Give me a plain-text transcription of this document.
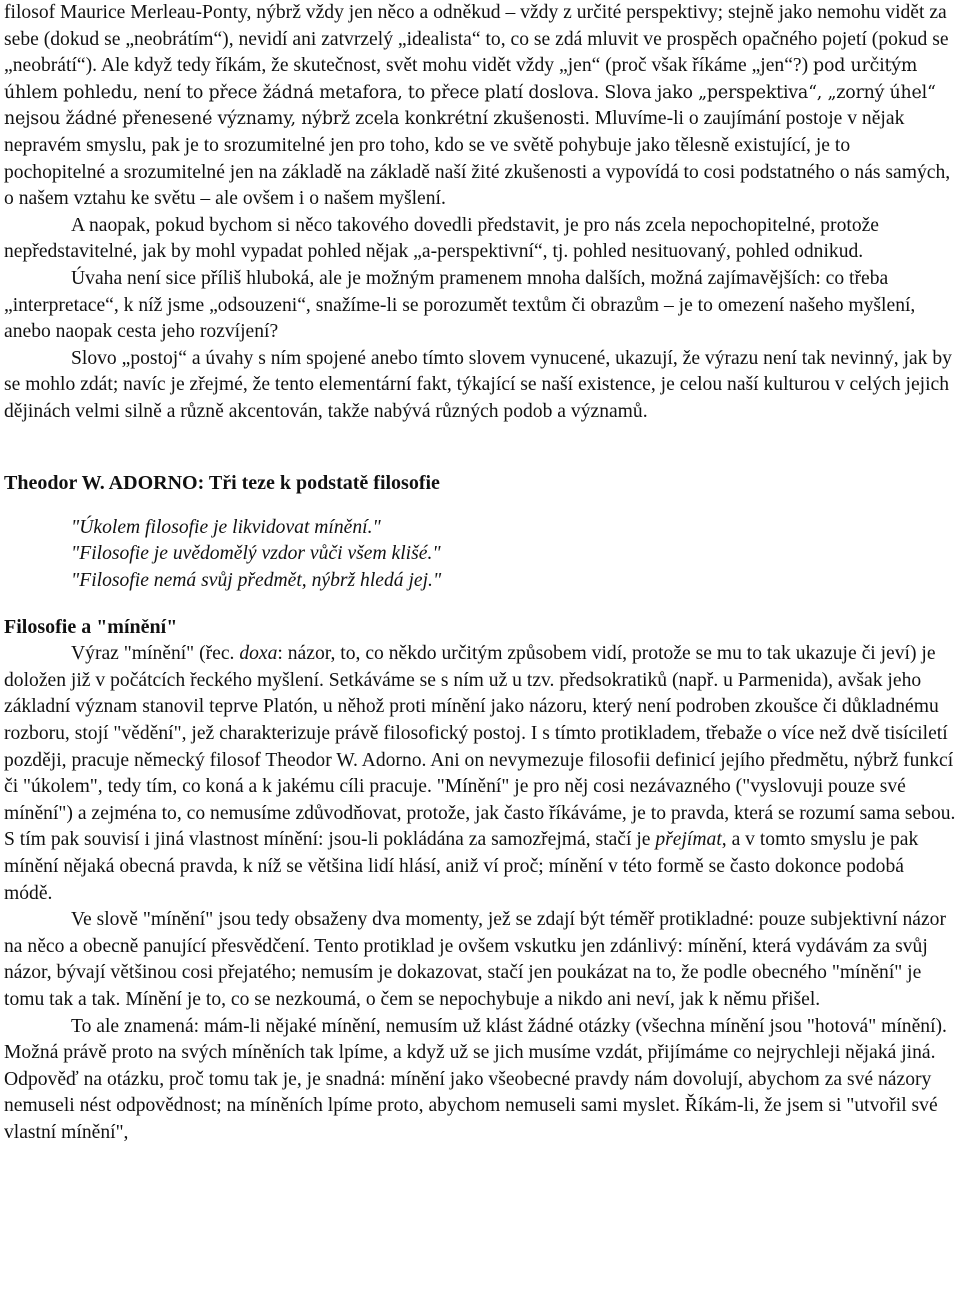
filosof Maurice Merleau-Ponty, nýbrž vždy jen něco a odněkud – vždy z určité perspektivy; stejně jako nemohu vidět za sebe (dokud se „neobrátím“), nevidí ani zatvrzelý „idealista“ to, co se zdá mluvit ve prospěch opačného pojetí (pokud se „neobrátí“). Ale když tedy říkám, že skutečnost, svět mohu vidět vždy „jen“ (proč však říkáme „jen“?) pod určitým úhlem pohledu, není to přece žádná metafora, to přece platí doslova. Slova jako „perspektiva“, „zorný úhel“ nejsou žádné přenesené významy, nýbrž zcela konkrétní zkušenosti. Mluvíme-li o zaujímání postoje v nějak nepravém smyslu, pak je to srozumitelné jen pro toho, kdo se ve světě pohybuje jako tělesně existující, je to pochopitelné a srozumitelné jen na základě na základě naší žité zkušenosti a vypovídá to cosi podstatného o nás samých, o našem vztahu ke světu – ale ovšem i o našem myšlení.

A naopak, pokud bychom si něco takového dovedli představit, je pro nás zcela nepochopitelné, protože nepředstavitelné, jak by mohl vypadat pohled nějak „a-perspektivní“, tj. pohled nesituovaný, pohled odnikud.

Úvaha není sice příliš hluboká, ale je možným pramenem mnoha dalších, možná zajímavějších: co třeba „interpretace“, k níž jsme „odsouzeni“, snažíme-li se porozumět textům či obrazům – je to omezení našeho myšlení, anebo naopak cesta jeho rozvíjení?

Slovo „postoj“ a úvahy s ním spojené anebo tímto slovem vynucené, ukazují, že výrazu není tak nevinný, jak by se mohlo zdát; navíc je zřejmé, že tento elementární fakt, týkající se naší existence, je celou naší kulturou v celých jejich dějinách velmi silně a různě akcentován, takže nabývá různých podob a významů.

Theodor W. ADORNO: Tři teze k podstatě filosofie
"Úkolem filosofie je likvidovat mínění."
"Filosofie je uvědomělý vzdor vůči všem klišé."
"Filosofie nemá svůj předmět, nýbrž hledá jej."
Filosofie a "mínění"

Výraz "mínění" (řec. doxa: názor, to, co někdo určitým způsobem vidí, protože se mu to tak ukazuje či jeví) je doložen již v počátcích řeckého myšlení. Setkáváme se s ním už u tzv. předsokratiků (např. u Parmenida), avšak jeho základní význam stanovil teprve Platón, u něhož proti mínění jako názoru, který není podroben zkoušce či důkladnému rozboru, stojí "vědění", jež charakterizuje právě filosofický postoj. I s tímto protikladem, třebaže o více než dvě tisíciletí později, pracuje německý filosof Theodor W. Adorno. Ani on nevymezuje filosofii definicí jejího předmětu, nýbrž funkcí či "úkolem", tedy tím, co koná a k jakému cíli pracuje. "Mínění" je pro něj cosi nezávazného ("vyslovuji pouze své mínění") a zejména to, co nemusíme zdůvodňovat, protože, jak často říkáváme, je to pravda, která se rozumí sama sebou. S tím pak souvisí i jiná vlastnost mínění: jsou-li pokládána za samozřejmá, stačí je přejímat, a v tomto smyslu je pak mínění nějaká obecná pravda, k níž se většina lidí hlásí, aniž ví proč; mínění v této formě se často dokonce podobá módě.

Ve slově "mínění" jsou tedy obsaženy dva momenty, jež se zdají být téměř protikladné: pouze subjektivní názor na něco a obecně panující přesvědčení. Tento protiklad je ovšem vskutku jen zdánlivý: mínění, která vydávám za svůj názor, bývají většinou cosi přejatého; nemusím je dokazovat, stačí jen poukázat na to, že podle obecného "mínění" je tomu tak a tak. Mínění je to, co se nezkoumá, o čem se nepochybuje a nikdo ani neví, jak k němu přišel.

To ale znamená: mám-li nějaké mínění, nemusím už klást žádné otázky (všechna mínění jsou "hotová" mínění). Možná právě proto na svých míněních tak lpíme, a když už se jich musíme vzdát, přijímáme co nejrychleji nějaká jiná. Odpověď na otázku, proč tomu tak je, je snadná: mínění jako všeobecné pravdy nám dovolují, abychom za své názory nemuseli nést odpovědnost; na míněních lpíme proto, abychom nemuseli sami myslet. Říkám-li, že jsem si "utvořil své vlastní mínění",
